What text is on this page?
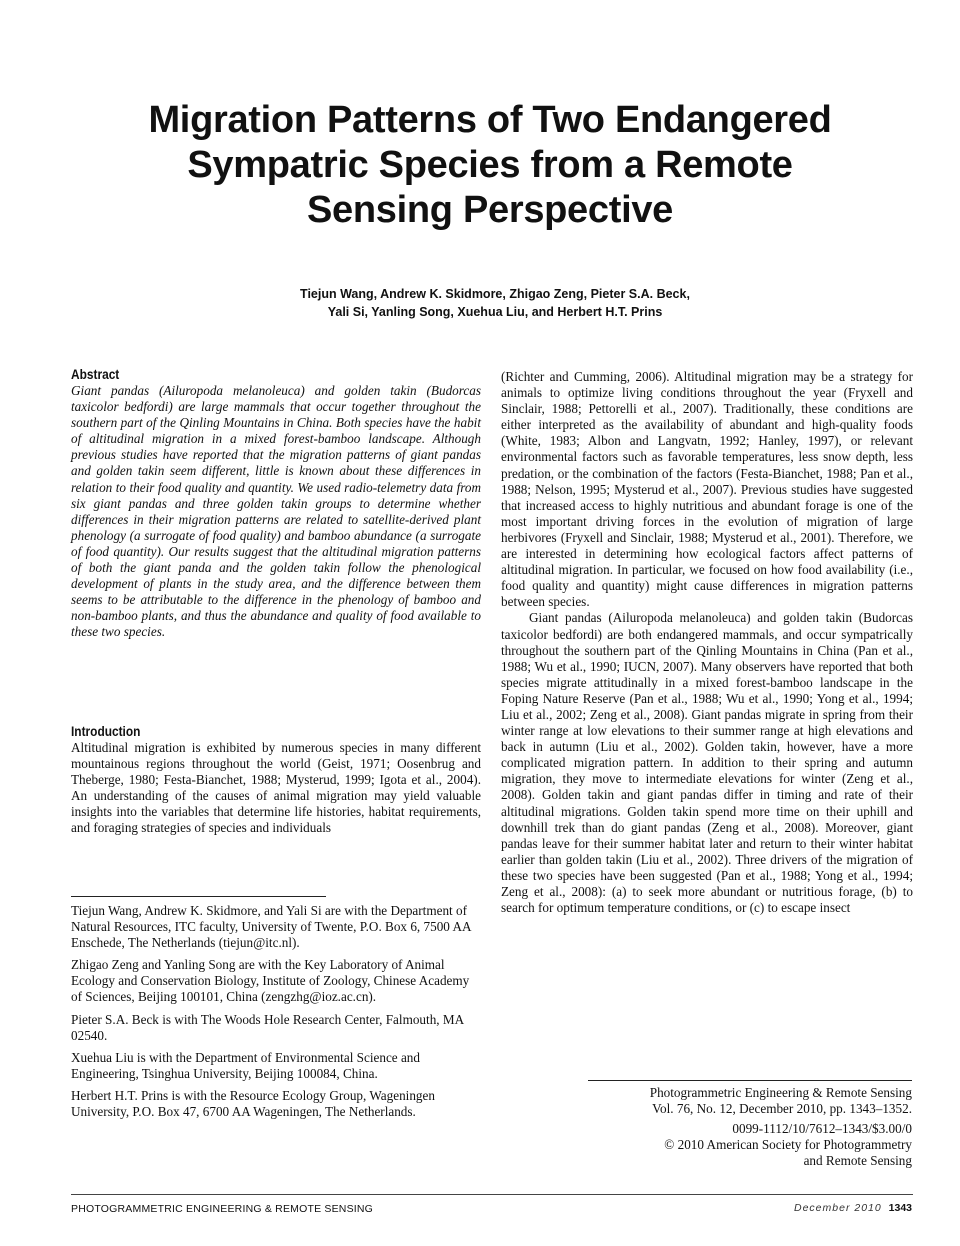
Migration Patterns of Two Endangered Sympatric Species from a Remote Sensing Perspective
Tiejun Wang, Andrew K. Skidmore, Zhigao Zeng, Pieter S.A. Beck,
Yali Si, Yanling Song, Xuehua Liu, and Herbert H.T. Prins
Abstract

Giant pandas (Ailuropoda melanoleuca) and golden takin (Budorcas taxicolor bedfordi) are large mammals that occur together throughout the southern part of the Qinling Mountains in China. Both species have the habit of altitudinal migration in a mixed forest-bamboo landscape. Although previous studies have reported that the migration patterns of giant pandas and golden takin seem different, little is known about these differences in relation to their food quality and quantity. We used radio-telemetry data from six giant pandas and three golden takin groups to determine whether differences in their migration patterns are related to satellite-derived plant phenology (a surrogate of food quality) and bamboo abundance (a surrogate of food quantity). Our results suggest that the altitudinal migration patterns of both the giant panda and the golden takin follow the phenological development of plants in the study area, and the difference between them seems to be attributable to the difference in the phenology of bamboo and non-bamboo plants, and thus the abundance and quality of food available to these two species.

Introduction

Altitudinal migration is exhibited by numerous species in many different mountainous regions throughout the world (Geist, 1971; Oosenbrug and Theberge, 1980; Festa-Bianchet, 1988; Mysterud, 1999; Igota et al., 2004). An understanding of the causes of animal migration may yield valuable insights into the variables that determine life histories, habitat requirements, and foraging strategies of species and individuals

Tiejun Wang, Andrew K. Skidmore, and Yali Si are with the Department of Natural Resources, ITC faculty, University of Twente, P.O. Box 6, 7500 AA Enschede, The Netherlands (tiejun@itc.nl).

Zhigao Zeng and Yanling Song are with the Key Laboratory of Animal Ecology and Conservation Biology, Institute of Zoology, Chinese Academy of Sciences, Beijing 100101, China (zengzhg@ioz.ac.cn).

Pieter S.A. Beck is with The Woods Hole Research Center, Falmouth, MA 02540.

Xuehua Liu is with the Department of Environmental Science and Engineering, Tsinghua University, Beijing 100084, China.

Herbert H.T. Prins is with the Resource Ecology Group, Wageningen University, P.O. Box 47, 6700 AA Wageningen, The Netherlands.

(Richter and Cumming, 2006). Altitudinal migration may be a strategy for animals to optimize living conditions throughout the year (Fryxell and Sinclair, 1988; Pettorelli et al., 2007). Traditionally, these conditions are either interpreted as the availability of abundant and high-quality foods (White, 1983; Albon and Langvatn, 1992; Hanley, 1997), or relevant environmental factors such as favorable temperatures, less snow depth, less predation, or the combination of the factors (Festa-Bianchet, 1988; Pan et al., 1988; Nelson, 1995; Mysterud et al., 2007). Previous studies have suggested that increased access to highly nutritious and abundant forage is one of the most important driving forces in the evolution of migration of large herbivores (Fryxell and Sinclair, 1988; Mysterud et al., 2001). Therefore, we are interested in determining how ecological factors affect patterns of altitudinal migration. In particular, we focused on how food availability (i.e., food quality and quantity) might cause differences in migration patterns between species.

Giant pandas (Ailuropoda melanoleuca) and golden takin (Budorcas taxicolor bedfordi) are both endangered mammals, and occur sympatrically throughout the southern part of the Qinling Mountains in China (Pan et al., 1988; Wu et al., 1990; IUCN, 2007). Many observers have reported that both species migrate attitudinally in a mixed forest-bamboo landscape in the Foping Nature Reserve (Pan et al., 1988; Wu et al., 1990; Yong et al., 1994; Liu et al., 2002; Zeng et al., 2008). Giant pandas migrate in spring from their winter range at low elevations to their summer range at high elevations and back in autumn (Liu et al., 2002). Golden takin, however, have a more complicated migration pattern. In addition to their spring and autumn migration, they move to intermediate elevations for winter (Zeng et al., 2008). Golden takin and giant pandas differ in timing and rate of their altitudinal migrations. Golden takin spend more time on their uphill and downhill trek than do giant pandas (Zeng et al., 2008). Moreover, giant pandas leave for their summer habitat later and return to their winter habitat earlier than golden takin (Liu et al., 2002). Three drivers of the migration of these two species have been suggested (Pan et al., 1988; Yong et al., 1994; Zeng et al., 2008): (a) to seek more abundant or nutritious forage, (b) to search for optimum temperature conditions, or (c) to escape insect

Photogrammetric Engineering & Remote Sensing

Vol. 76, No. 12, December 2010, pp. 1343–1352.

0099-1112/10/7612–1343/$3.00/0

© 2010 American Society for Photogrammetry

and Remote Sensing

PHOTOGRAMMETRIC ENGINEERING & REMOTE SENSING	December 2010 1343
